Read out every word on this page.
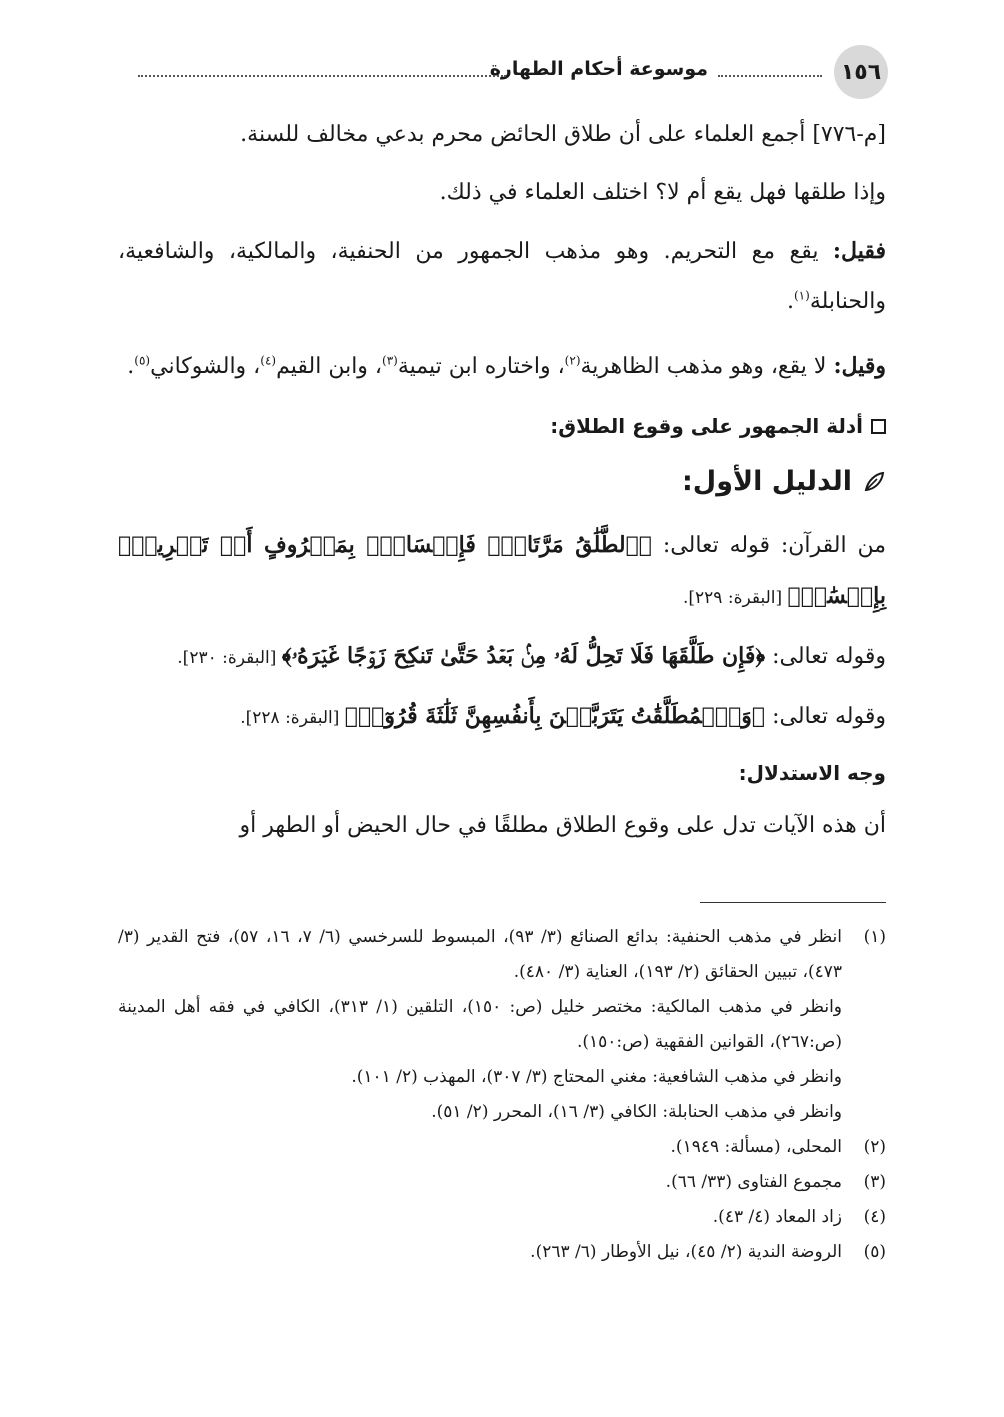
١٥٦
موسوعة أحكام الطهارة

[م-٧٧٦] أجمع العلماء على أن طلاق الحائض محرم بدعي مخالف للسنة.

وإذا طلقها فهل يقع أم لا؟ اختلف العلماء في ذلك.

فقيل: يقع مع التحريم. وهو مذهب الجمهور من الحنفية، والمالكية، والشافعية، والحنابلة$^{(١)}$.

وقيل: لا يقع، وهو مذهب الظاهرية$^{(٢)}$، واختاره ابن تيمية$^{(٣)}$، وابن القيم$^{(٤)}$، والشوكاني$^{(٥)}$.

أدلة الجمهور على وقوع الطلاق:
الدليل الأول:

من القرآن: قوله تعالى: ﴿ٱلطَّلَٰقُ مَرَّتَانِۖ فَإِمۡسَاكُۢ بِمَعۡرُوفٍ أَوۡ تَسۡرِيحُۢ بِإِحۡسَٰنٖ﴾ [البقرة: ٢٢٩].

وقوله تعالى: ﴿فَإِن طَلَّقَهَا فَلَا تَحِلُّ لَهُۥ مِنۢ بَعۡدُ حَتَّىٰ تَنكِحَ زَوۡجًا غَيۡرَهُۥ﴾ [البقرة: ٢٣٠].

وقوله تعالى: ﴿وَٱلۡمُطَلَّقَٰتُ يَتَرَبَّصۡنَ بِأَنفُسِهِنَّ ثَلَٰثَةَ قُرُوٓءٖ﴾ [البقرة: ٢٢٨].

وجه الاستدلال:

أن هذه الآيات تدل على وقوع الطلاق مطلقًا في حال الحيض أو الطهر أو

(١)
انظر في مذهب الحنفية: بدائع الصنائع (٣/ ٩٣)، المبسوط للسرخسي (٦/ ٧، ١٦، ٥٧)، فتح القدير (٣/ ٤٧٣)، تبيين الحقائق (٢/ ١٩٣)، العناية (٣/ ٤٨٠).
وانظر في مذهب المالكية: مختصر خليل (ص: ١٥٠)، التلقين (١/ ٣١٣)، الكافي في فقه أهل المدينة (ص:٢٦٧)، القوانين الفقهية (ص:١٥٠).
وانظر في مذهب الشافعية: مغني المحتاج (٣/ ٣٠٧)، المهذب (٢/ ١٠١).
وانظر في مذهب الحنابلة: الكافي (٣/ ١٦)، المحرر (٢/ ٥١).
(٢)
المحلى، (مسألة: ١٩٤٩).
(٣)
مجموع الفتاوى (٣٣/ ٦٦).
(٤)
زاد المعاد (٤/ ٤٣).
(٥)
الروضة الندية (٢/ ٤٥)، نيل الأوطار (٦/ ٢٦٣).
